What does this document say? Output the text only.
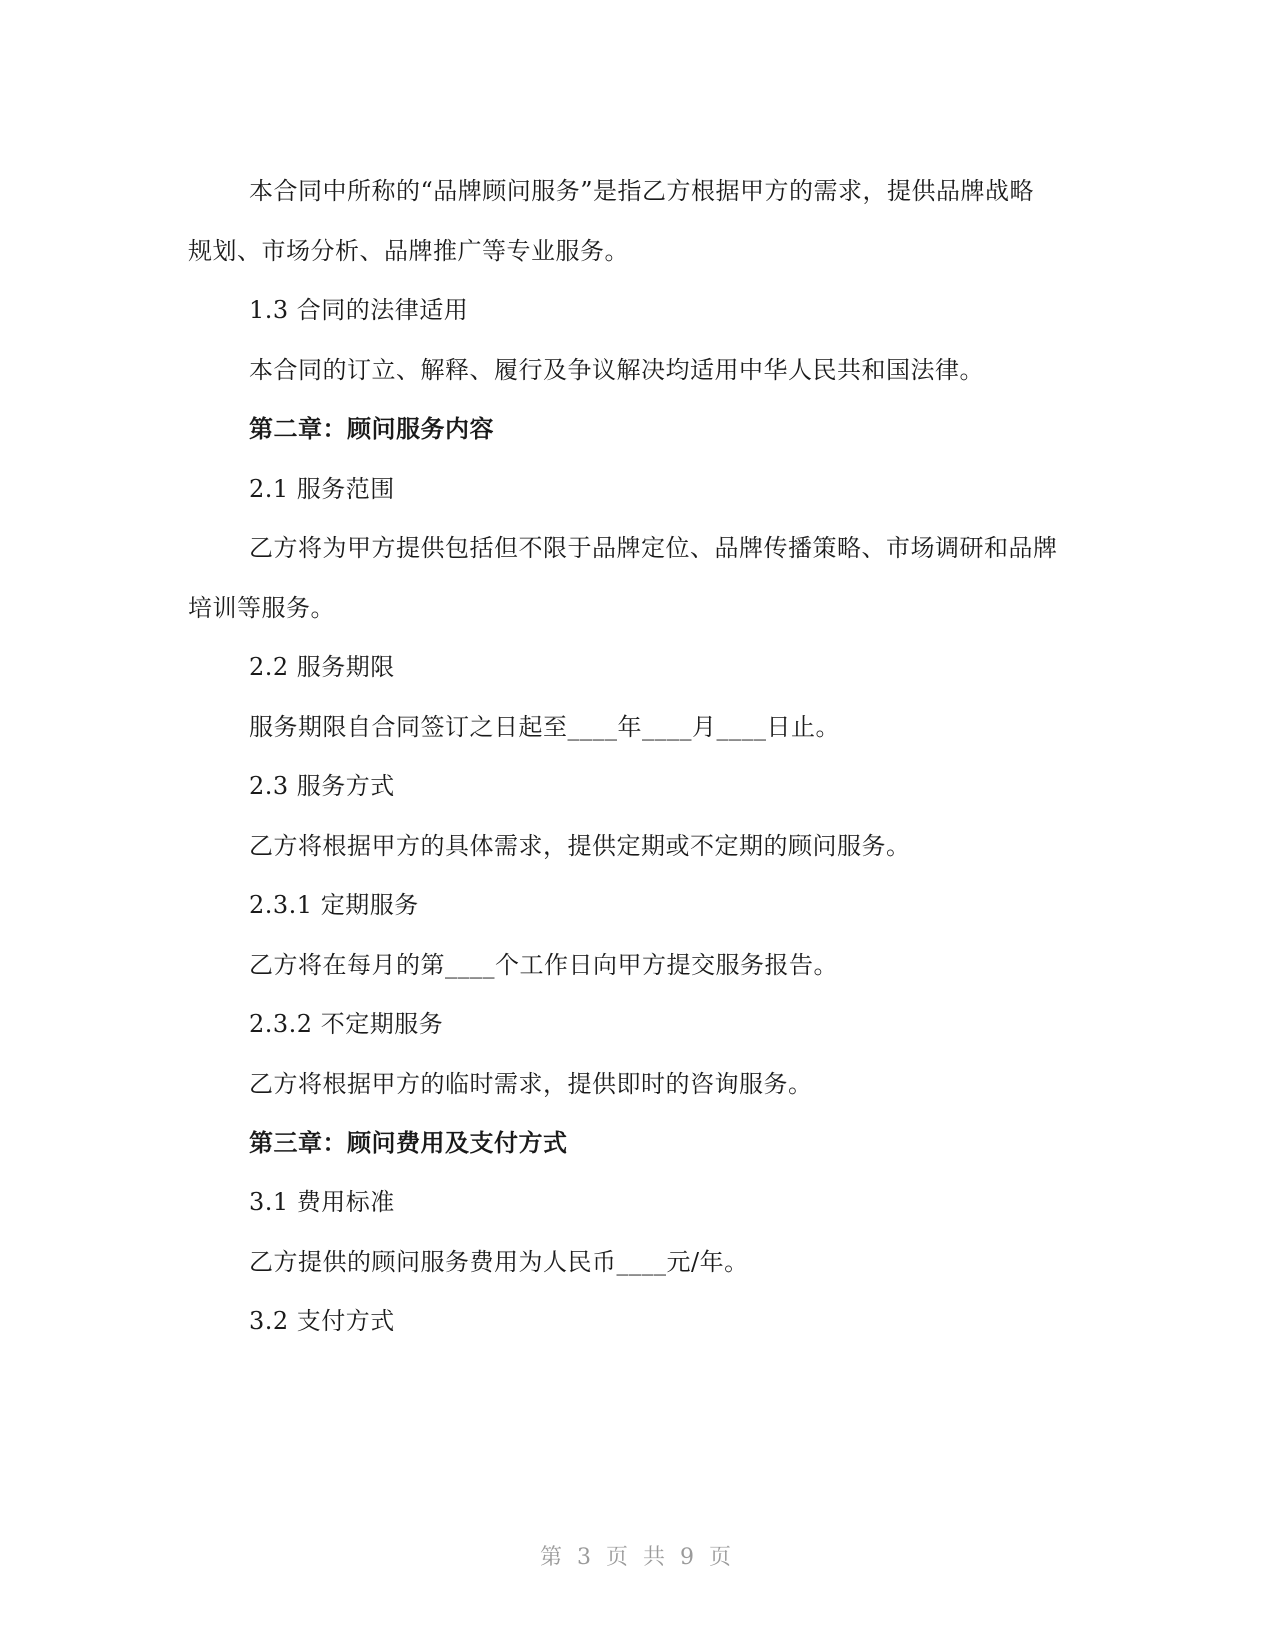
本合同中所称的“品牌顾问服务”是指乙方根据甲方的需求，提供品牌战略
规划、市场分析、品牌推广等专业服务。
1.3 合同的法律适用
本合同的订立、解释、履行及争议解决均适用中华人民共和国法律。
第二章：顾问服务内容
2.1 服务范围
乙方将为甲方提供包括但不限于品牌定位、品牌传播策略、市场调研和品牌
培训等服务。
2.2 服务期限
服务期限自合同签订之日起至____年____月____日止。
2.3 服务方式
乙方将根据甲方的具体需求，提供定期或不定期的顾问服务。
2.3.1 定期服务
乙方将在每月的第____个工作日向甲方提交服务报告。
2.3.2 不定期服务
乙方将根据甲方的临时需求，提供即时的咨询服务。
第三章：顾问费用及支付方式
3.1 费用标准
乙方提供的顾问服务费用为人民币____元/年。
3.2 支付方式
第 3 页 共 9 页
